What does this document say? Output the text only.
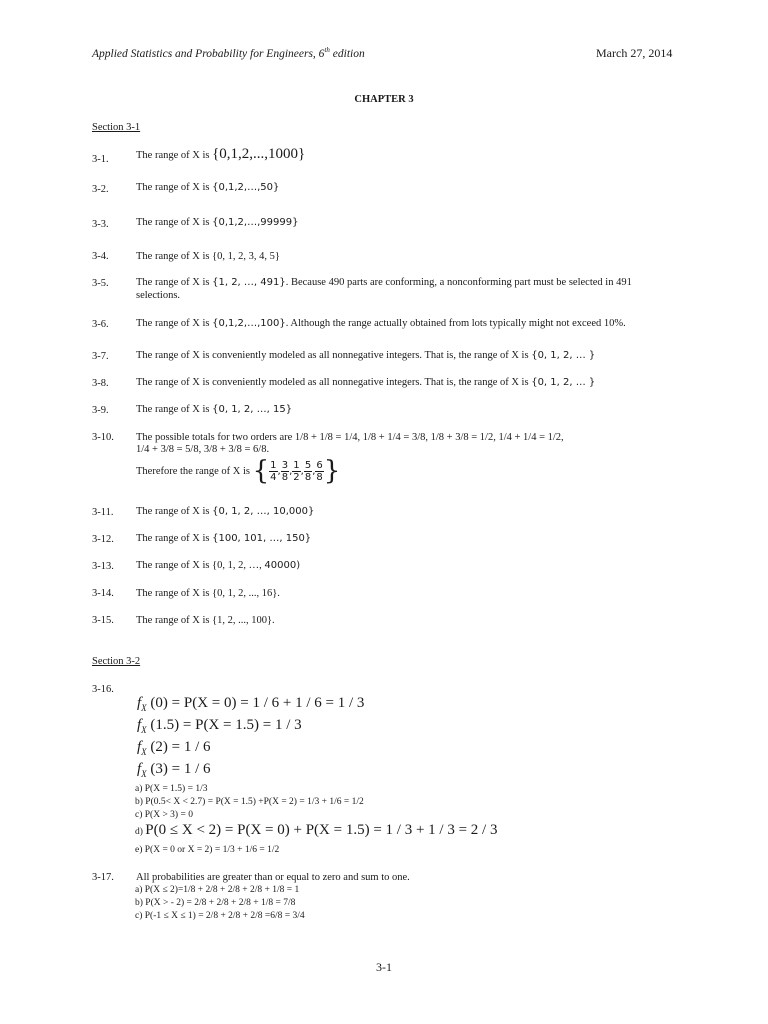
Applied Statistics and Probability for Engineers, 6th edition	March 27, 2014
CHAPTER 3
Section 3-1
3-1.	The range of X is {0,1,2,...,1000}
3-2.	The range of X is {0,1,2,…,50}
3-3.	The range of X is {0,1,2,…,99999}
3-4.	The range of X is {0, 1, 2, 3, 4, 5}
3-5.	The range of X is {1, 2, …, 491}. Because 490 parts are conforming, a nonconforming part must be selected in 491
selections.
3-6.	The range of X is {0,1,2,…,100}. Although the range actually obtained from lots typically might not exceed 10%.
3-7.	The range of X is conveniently modeled as all nonnegative integers. That is, the range of X is {0, 1, 2, … }
3-8.	The range of X is conveniently modeled as all nonnegative integers. That is, the range of X is {0, 1, 2, … }
3-9.	The range of X is {0, 1, 2, …, 15}
3-10. The possible totals for two orders are 1/8 + 1/8 = 1/4, 1/8 + 1/4 = 3/8, 1/8 + 3/8 = 1/2, 1/4 + 1/4 = 1/2,
1/4 + 3/8 = 5/8, 3/8 + 3/8 = 6/8.
Therefore the range of X is
{ $\frac{1}{4}$ , $\frac{3}{8}$ , $\frac{1}{2}$ , $\frac{5}{8}$ , $\frac{6}{8}$ }
3-11. The range of X is {0, 1, 2, …, 10,000}
3-12. The range of X is {100, 101, …, 150}
3-13. The range of X is {0, 1, 2, …, 40000)
3-14. The range of X is {0, 1, 2, ..., 16}.
3-15. The range of X is {1, 2, ..., 100}.
Section 3-2
3-16.
$f_X$ (0) = P(X = 0) = 1 / 6 + 1 / 6 = 1 / 3
$f_X$ (1.5) = P(X = 1.5) = 1 / 3
$f_X$ (2) = 1 / 6
$f_X$ (3) = 1 / 6
a) P(X = 1.5) = 1/3
b) P(0.5< X < 2.7) = P(X = 1.5) +P(X = 2) = 1/3 + 1/6 = 1/2
c) P(X > 3) = 0
d) P(0 ≤ X < 2) = P(X = 0) + P(X = 1.5) = 1 / 3 + 1 / 3 = 2 / 3
e) P(X = 0 or X = 2) = 1/3 + 1/6 = 1/2
3-17. All probabilities are greater than or equal to zero and sum to one.
a) P(X ≤ 2)=1/8 + 2/8 + 2/8 + 2/8 + 1/8 = 1
b) P(X > - 2) = 2/8 + 2/8 + 2/8 + 1/8 = 7/8
c) P(-1 ≤ X ≤ 1) = 2/8 + 2/8 + 2/8 =6/8 = 3/4
3-1
